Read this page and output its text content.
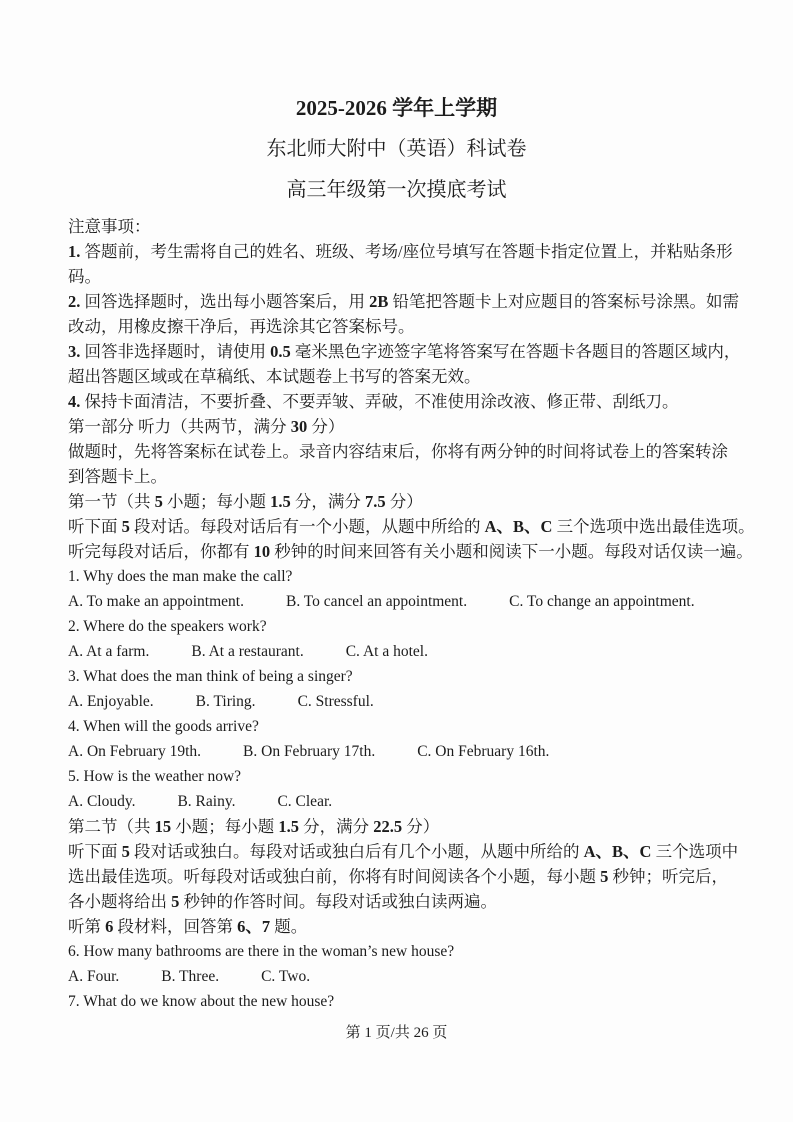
2025-2026 学年上学期
东北师大附中（英语）科试卷
高三年级第一次摸底考试
注意事项：
1. 答题前，考生需将自己的姓名、班级、考场/座位号填写在答题卡指定位置上，并粘贴条形
码。
2. 回答选择题时，选出每小题答案后，用 2B 铅笔把答题卡上对应题目的答案标号涂黑。如需
改动，用橡皮擦干净后，再选涂其它答案标号。
3. 回答非选择题时，请使用 0.5 毫米黑色字迹签字笔将答案写在答题卡各题目的答题区域内，
超出答题区域或在草稿纸、本试题卷上书写的答案无效。
4. 保持卡面清洁，不要折叠、不要弄皱、弄破，不准使用涂改液、修正带、刮纸刀。
第一部分 听力（共两节，满分 30 分）
做题时，先将答案标在试卷上。录音内容结束后，你将有两分钟的时间将试卷上的答案转涂
到答题卡上。
第一节（共 5 小题；每小题 1.5 分，满分 7.5 分）
听下面 5 段对话。每段对话后有一个小题，从题中所给的 A、B、C 三个选项中选出最佳选项。
听完每段对话后，你都有 10 秒钟的时间来回答有关小题和阅读下一小题。每段对话仅读一遍。
1. Why does the man make the call?
A. To make an appointment.	B. To cancel an appointment.	C. To change an appointment.
2. Where do the speakers work?
A. At a farm.	B. At a restaurant.	C. At a hotel.
3. What does the man think of being a singer?
A. Enjoyable.	B. Tiring.	C. Stressful.
4. When will the goods arrive?
A. On February 19th.	B. On February 17th.	C. On February 16th.
5. How is the weather now?
A. Cloudy.	B. Rainy.	C. Clear.
第二节（共 15 小题；每小题 1.5 分，满分 22.5 分）
听下面 5 段对话或独白。每段对话或独白后有几个小题，从题中所给的 A、B、C 三个选项中
选出最佳选项。听每段对话或独白前，你将有时间阅读各个小题，每小题 5 秒钟；听完后，
各小题将给出 5 秒钟的作答时间。每段对话或独白读两遍。
听第 6 段材料，回答第 6、7 题。
6. How many bathrooms are there in the woman’s new house?
A. Four.	B. Three.	C. Two.
7. What do we know about the new house?
第 1 页/共 26 页
